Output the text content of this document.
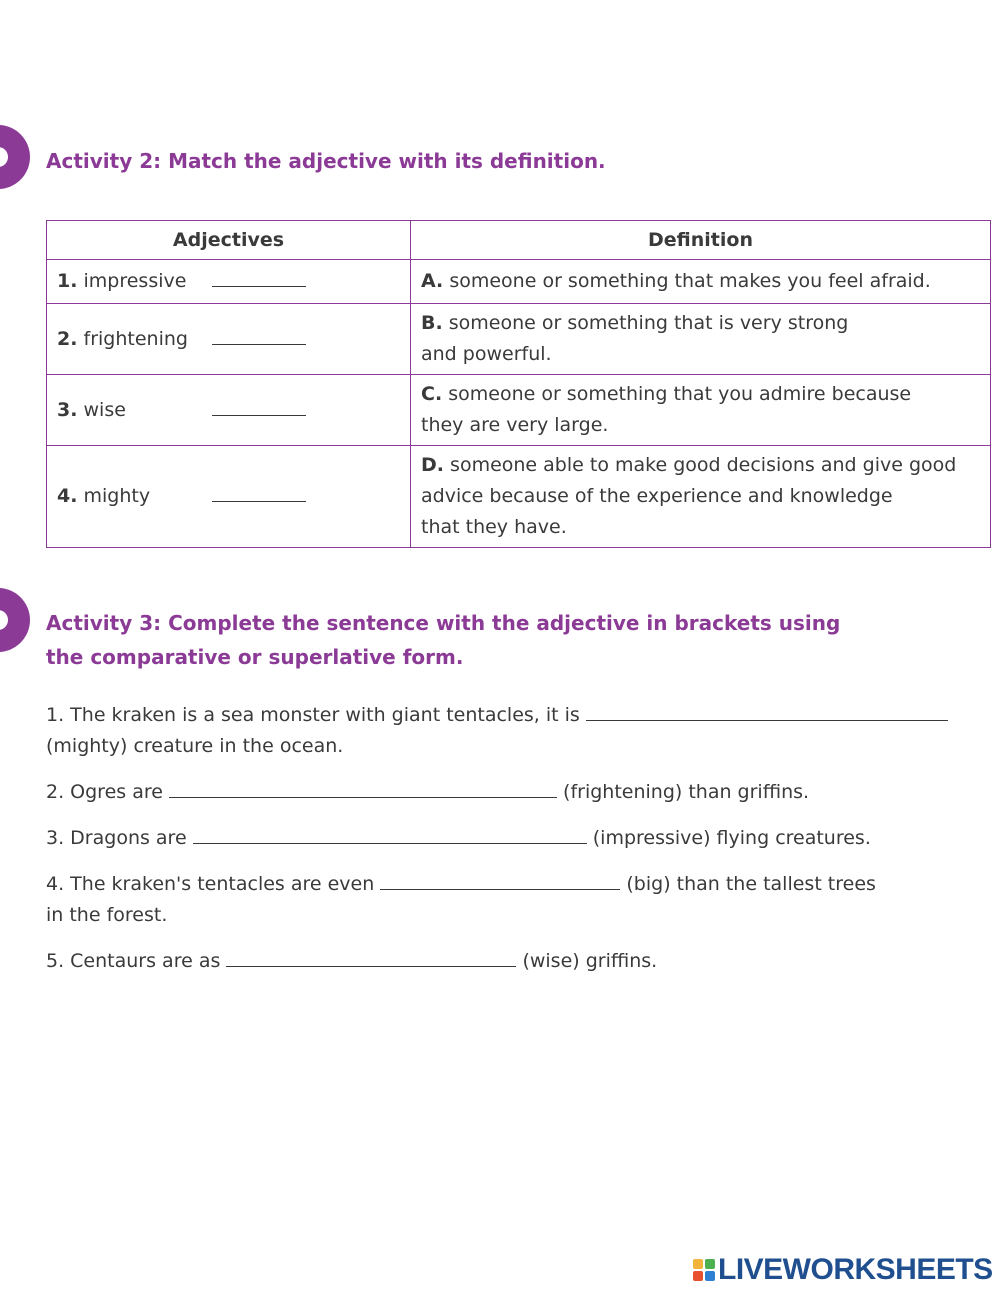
Activity 2: Match the adjective with its definition.
Adjectives	Definition
1. impressive	A. someone or something that makes you feel afraid.
2. frightening	B. someone or something that is very strong
and powerful.
3. wise	C. someone or something that you admire because
they are very large.
4. mighty	D. someone able to make good decisions and give good
advice because of the experience and knowledge
that they have.
Activity 3: Complete the sentence with the adjective in brackets using
the comparative or superlative form.

1. The kraken is a sea monster with giant tentacles, it is
(mighty) creature in the ocean.

2. Ogres are	(frightening) than griffins.

3. Dragons are	(impressive) flying creatures.

4. The kraken's tentacles are even	(big) than the tallest trees
in the forest.

5. Centaurs are as	(wise) griffins.

LIVEWORKSHEETS
